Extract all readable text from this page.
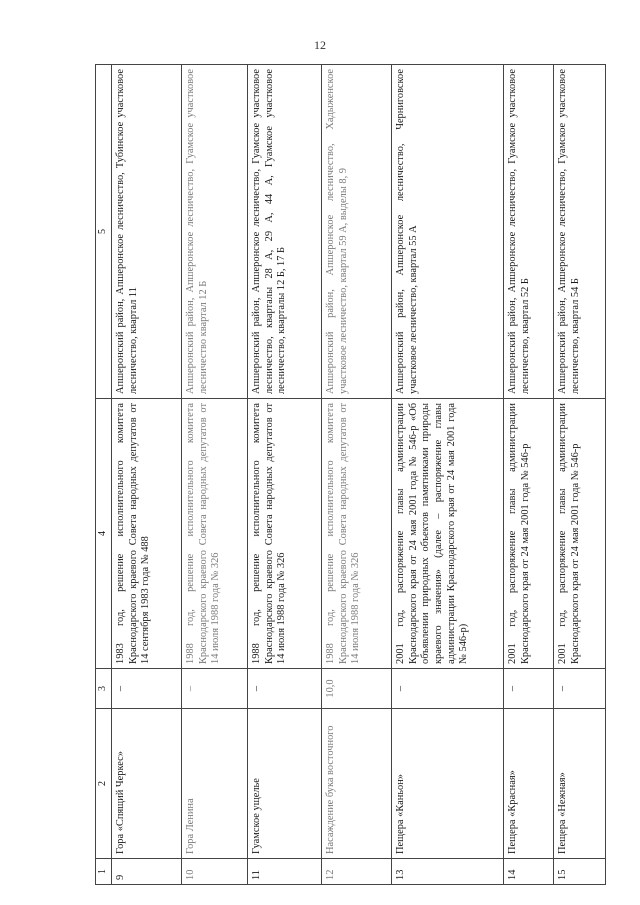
12
1	2	3	4	5
9	Гора «Спящий Черкес»	–	1983 год, решение исполнительного комитета Краснодарского краевого Совета народных депутатов от 14 сентября 1983 года № 488	Апшеронский район, Апшеронское лесничество, Тубинское участковое лесничество, квартал 11
10	Гора Ленина	–	1988 год, решение исполнительного комитета Краснодарского краевого Совета народных депутатов от 14 июля 1988 года № 326	Апшеронский район, Апшеронское лесничество, Гуамское участковое лесничество квартал 12 Б
11	Гуамское ущелье	–	1988 год, решение исполнительного комитета Краснодарского краевого Совета народных депутатов от 14 июля 1988 года № 326	Апшеронский район, Апшеронское лесничество, Гуамское участковое лесничество, кварталы 28 А, 29 А, 44 А, Гуамское участковое лесничество, кварталы 12 Б, 17 Б
12	Насаждение бука восточного	10,0	1988 год, решение исполнительного комитета Краснодарского краевого Совета народных депутатов от 14 июля 1988 года № 326	Апшеронский район, Апшеронское лесничество, Хадыженское участковое лесничество, квартал 59 А, выделы 8, 9
13	Пещера «Каньон»	–	2001 год, распоряжение главы администрации Краснодарского края от 24 мая 2001 года № 546-р «Об объявлении природных объектов памятниками природы краевого значения» (далее – распоряжение главы администрации Краснодарского края от 24 мая 2001 года № 546-р)	Апшеронский район, Апшеронское лесничество, Черниговское участковое лесничество, квартал 55 А
14	Пещера «Красная»	–	2001 год, распоряжение главы администрации Краснодарского края от 24 мая 2001 года № 546-р	Апшеронский район, Апшеронское лесничество, Гуамское участковое лесничество, квартал 52 Б
15	Пещера «Нежная»	–	2001 год, распоряжение главы администрации Краснодарского края от 24 мая 2001 года № 546-р	Апшеронский район, Апшеронское лесничество, Гуамское участковое лесничество, квартал 54 Б
